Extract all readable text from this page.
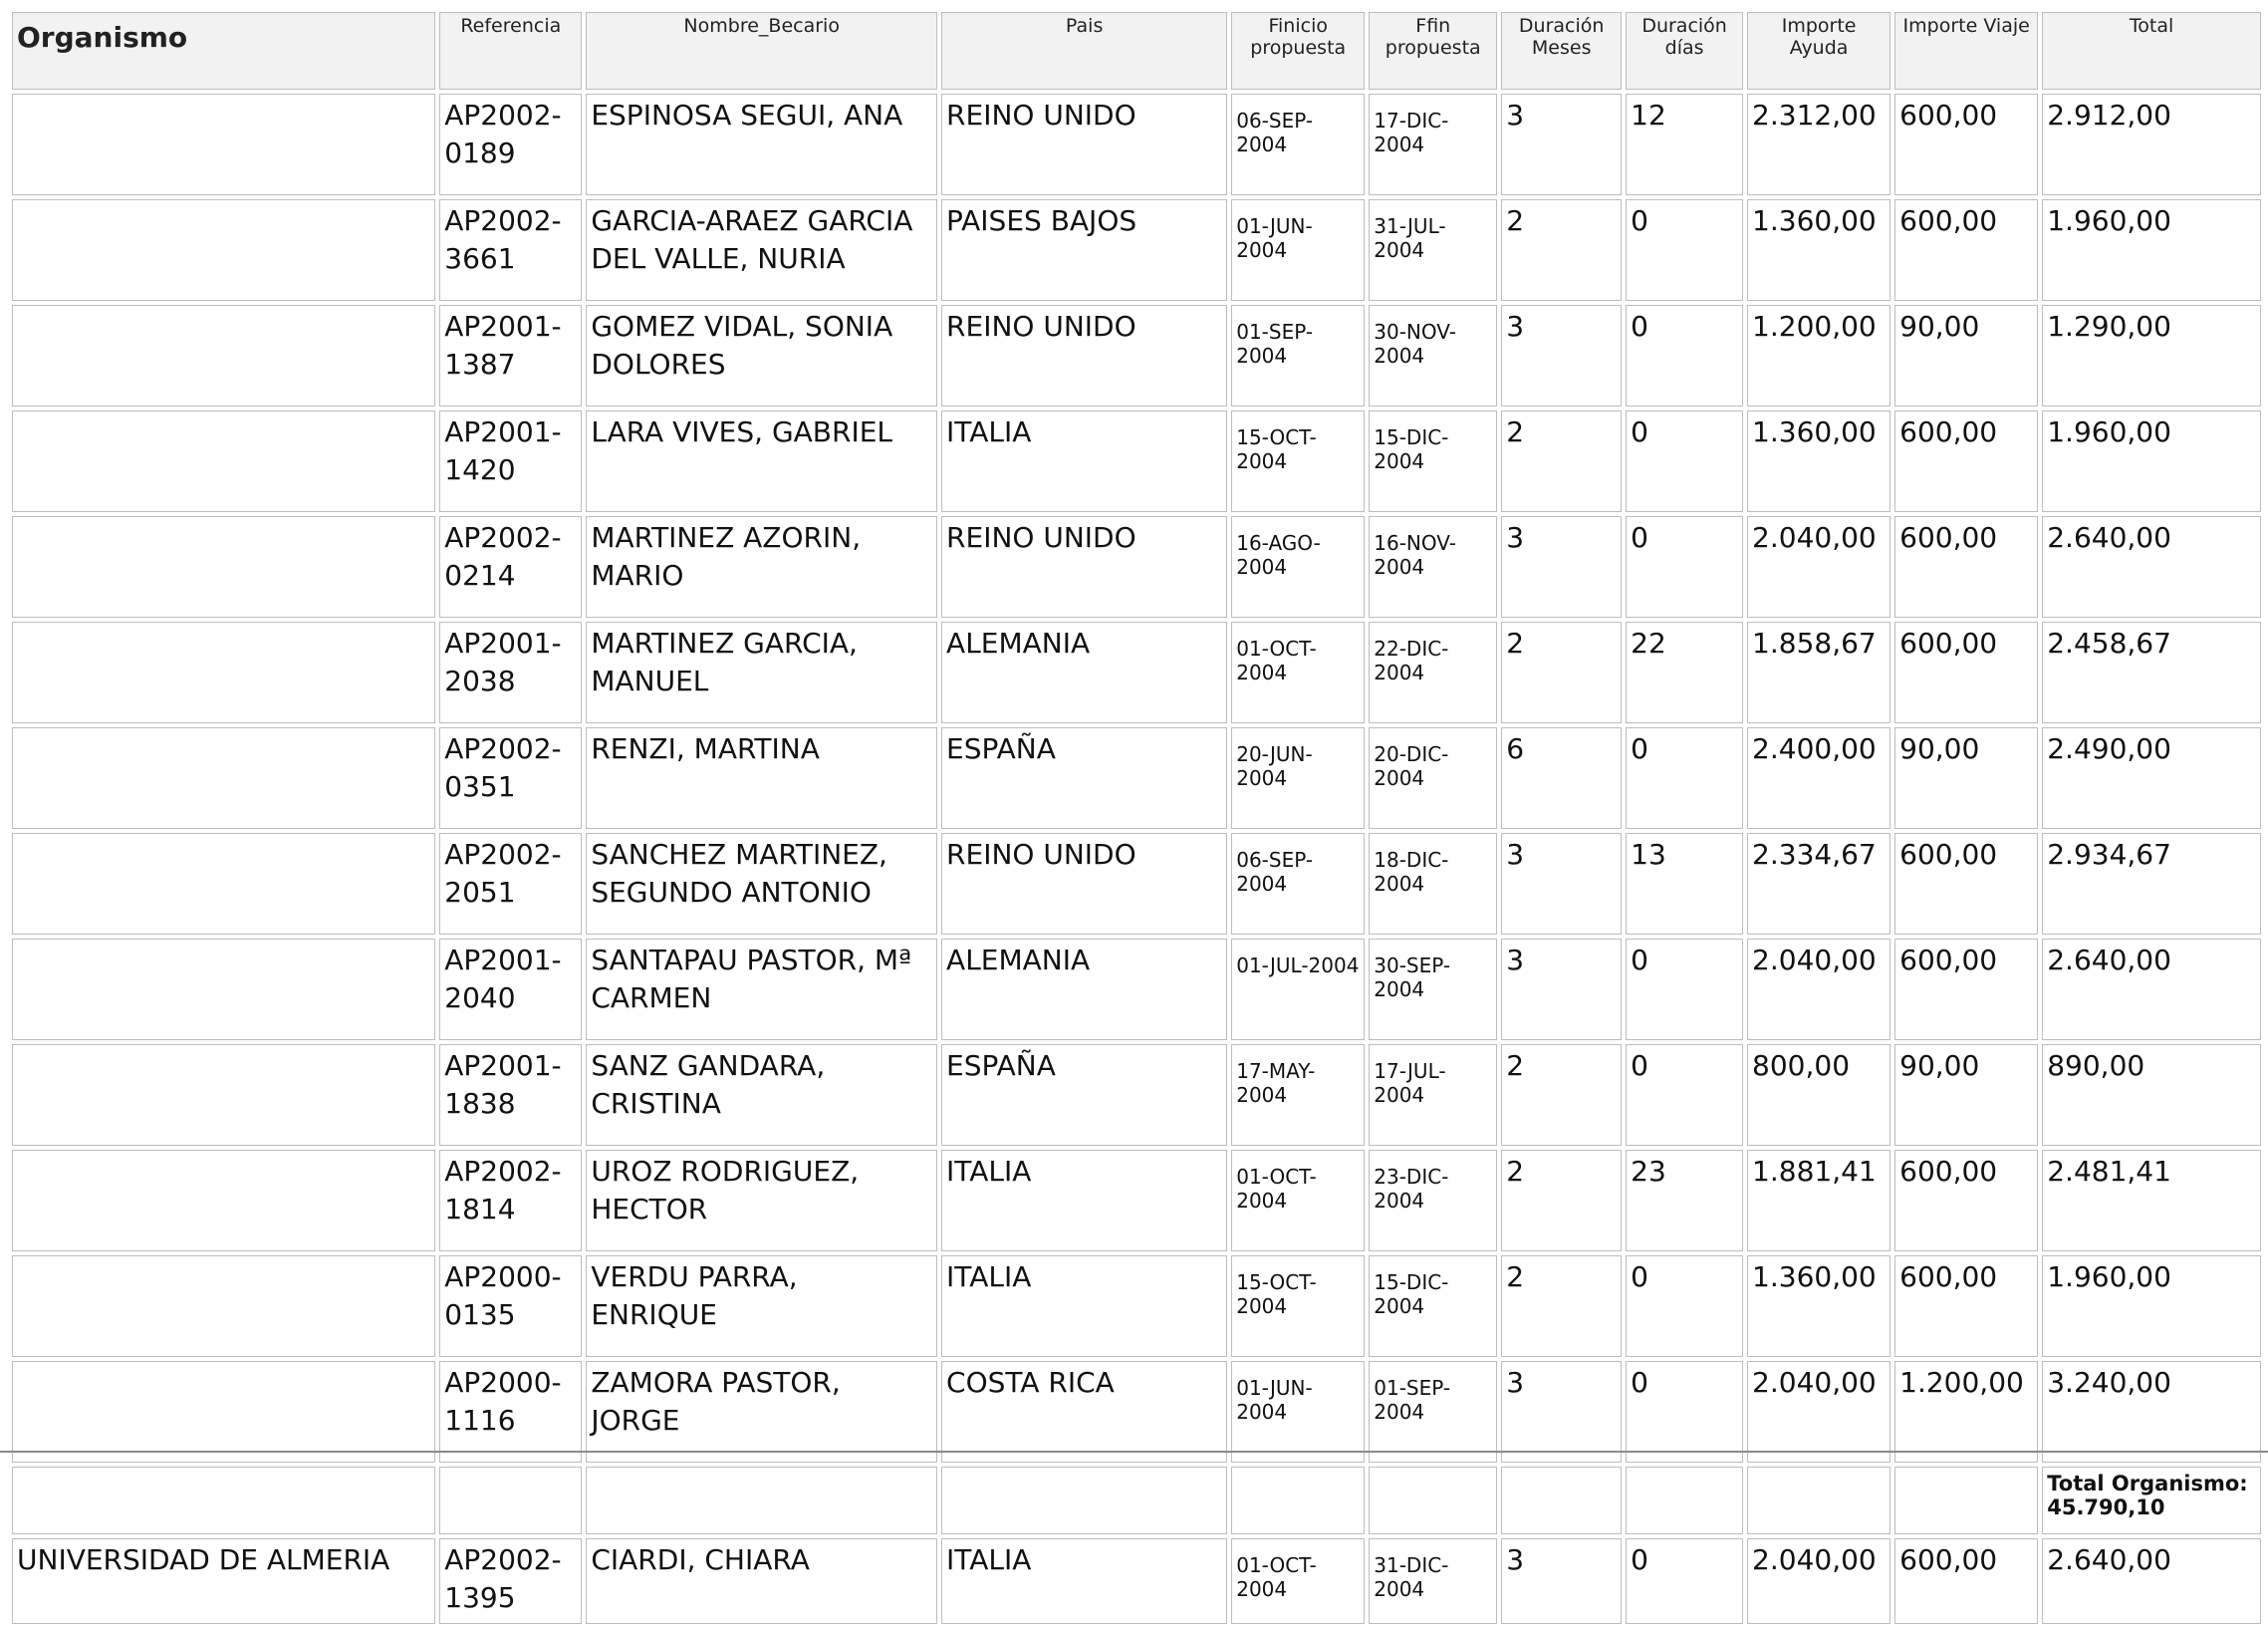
Organismo	Referencia	Nombre_Becario	Pais	Finicio propuesta	Ffin propuesta	Duración Meses	Duración días	Importe Ayuda	Importe Viaje	Total
	AP2002-0189	ESPINOSA SEGUI, ANA	REINO UNIDO	06-SEP-2004	17-DIC-2004	3	12	2.312,00	600,00	2.912,00
	AP2002-3661	GARCIA-ARAEZ GARCIA DEL VALLE, NURIA	PAISES BAJOS	01-JUN-2004	31-JUL-2004	2	0	1.360,00	600,00	1.960,00
	AP2001-1387	GOMEZ VIDAL, SONIA DOLORES	REINO UNIDO	01-SEP-2004	30-NOV-2004	3	0	1.200,00	90,00	1.290,00
	AP2001-1420	LARA VIVES, GABRIEL	ITALIA	15-OCT-2004	15-DIC-2004	2	0	1.360,00	600,00	1.960,00
	AP2002-0214	MARTINEZ AZORIN, MARIO	REINO UNIDO	16-AGO-2004	16-NOV-2004	3	0	2.040,00	600,00	2.640,00
	AP2001-2038	MARTINEZ GARCIA, MANUEL	ALEMANIA	01-OCT-2004	22-DIC-2004	2	22	1.858,67	600,00	2.458,67
	AP2002-0351	RENZI, MARTINA	ESPAÑA	20-JUN-2004	20-DIC-2004	6	0	2.400,00	90,00	2.490,00
	AP2002-2051	SANCHEZ MARTINEZ, SEGUNDO ANTONIO	REINO UNIDO	06-SEP-2004	18-DIC-2004	3	13	2.334,67	600,00	2.934,67
	AP2001-2040	SANTAPAU PASTOR, Mª CARMEN	ALEMANIA	01-JUL-2004	30-SEP-2004	3	0	2.040,00	600,00	2.640,00
	AP2001-1838	SANZ GANDARA, CRISTINA	ESPAÑA	17-MAY-2004	17-JUL-2004	2	0	800,00	90,00	890,00
	AP2002-1814	UROZ RODRIGUEZ, HECTOR	ITALIA	01-OCT-2004	23-DIC-2004	2	23	1.881,41	600,00	2.481,41
	AP2000-0135	VERDU PARRA, ENRIQUE	ITALIA	15-OCT-2004	15-DIC-2004	2	0	1.360,00	600,00	1.960,00
	AP2000-1116	ZAMORA PASTOR, JORGE	COSTA RICA	01-JUN-2004	01-SEP-2004	3	0	2.040,00	1.200,00	3.240,00
										Total Organismo: 45.790,10
UNIVERSIDAD DE ALMERIA	AP2002-1395	CIARDI, CHIARA	ITALIA	01-OCT-2004	31-DIC-2004	3	0	2.040,00	600,00	2.640,00
